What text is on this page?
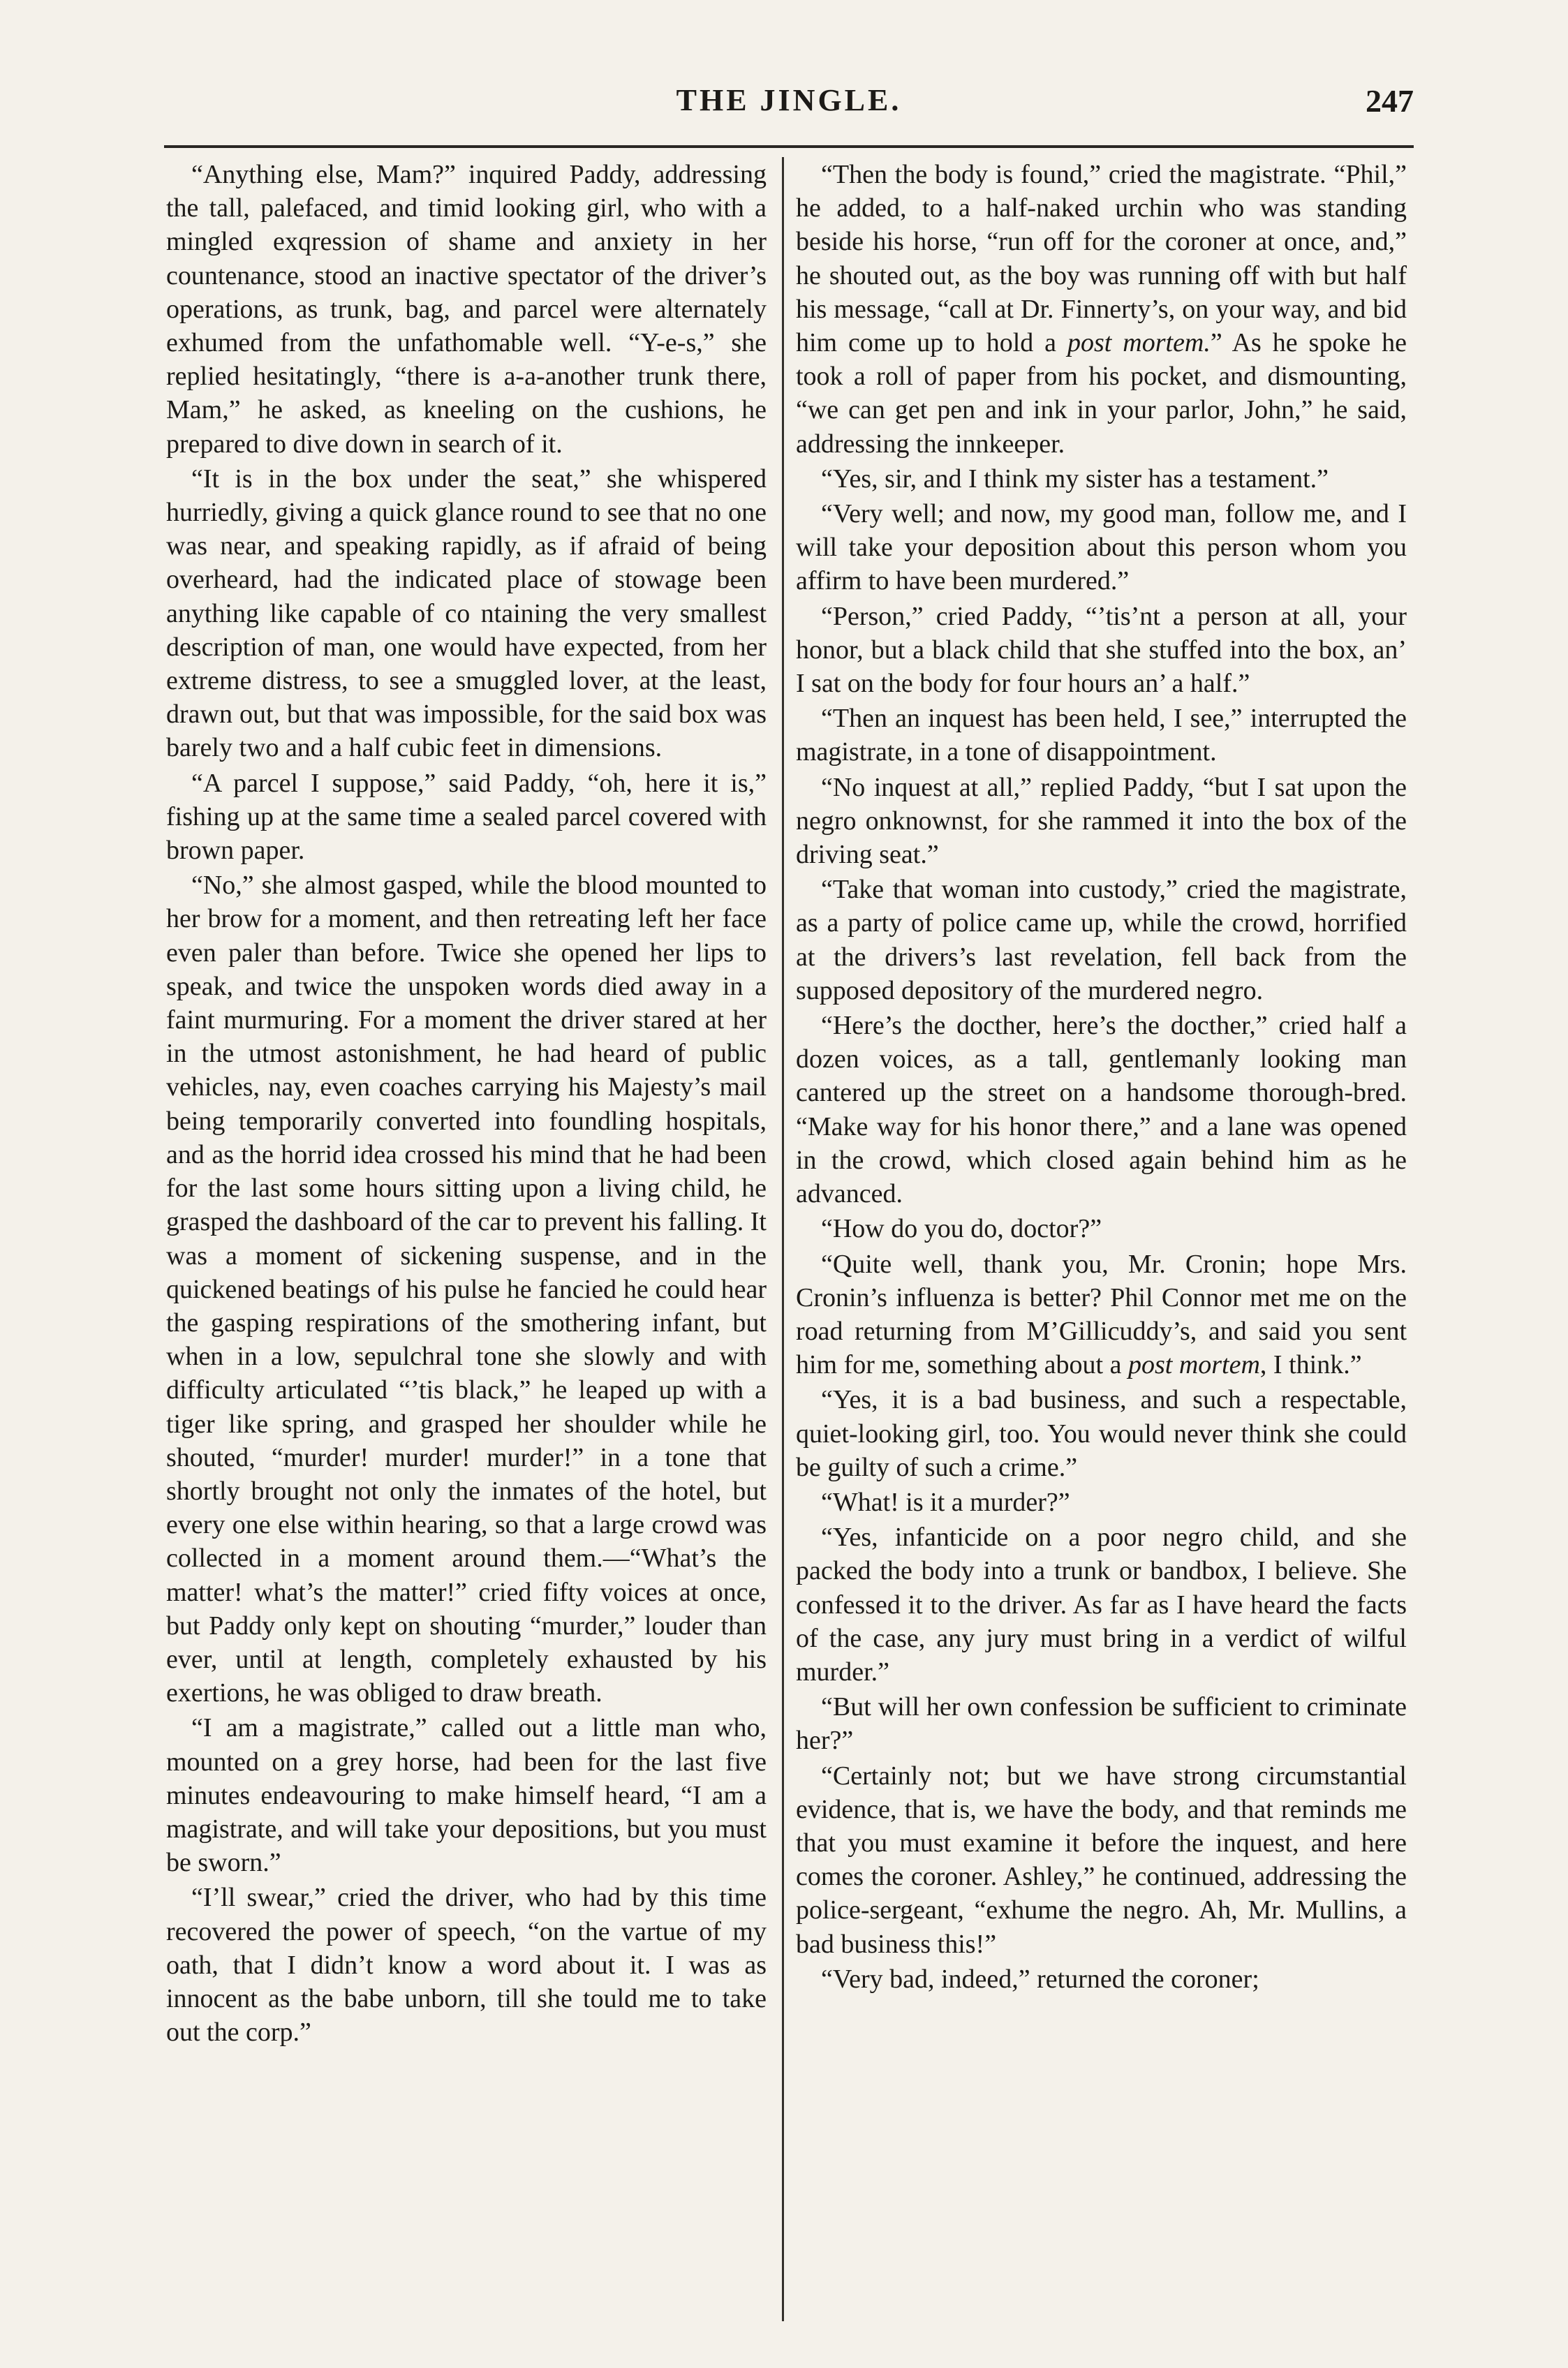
THE JINGLE.	247

“Anything else, Mam?” inquired Paddy, addressing the tall, palefaced, and timid looking girl, who with a mingled exqression of shame and anxiety in her countenance, stood an inactive spectator of the driver’s operations, as trunk, bag, and parcel were alternately exhumed from the unfathomable well. “Y-e-s,” she replied hesitatingly, “there is a-a-another trunk there, Mam,” he asked, as kneeling on the cushions, he prepared to dive down in search of it.

“It is in the box under the seat,” she whispered hurriedly, giving a quick glance round to see that no one was near, and speaking rapidly, as if afraid of being overheard, had the indicated place of stowage been anything like capable of co ntaining the very smallest description of man, one would have expected, from her extreme distress, to see a smuggled lover, at the least, drawn out, but that was impossible, for the said box was barely two and a half cubic feet in dimensions.

“A parcel I suppose,” said Paddy, “oh, here it is,” fishing up at the same time a sealed parcel covered with brown paper.

“No,” she almost gasped, while the blood mounted to her brow for a moment, and then retreating left her face even paler than before. Twice she opened her lips to speak, and twice the unspoken words died away in a faint murmuring. For a moment the driver stared at her in the utmost astonishment, he had heard of public vehicles, nay, even coaches carrying his Majesty’s mail being temporarily converted into foundling hospitals, and as the horrid idea crossed his mind that he had been for the last some hours sitting upon a living child, he grasped the dashboard of the car to prevent his falling. It was a moment of sickening suspense, and in the quickened beatings of his pulse he fancied he could hear the gasping respirations of the smothering infant, but when in a low, sepulchral tone she slowly and with difficulty articulated “’tis black,” he leaped up with a tiger like spring, and grasped her shoulder while he shouted, “murder! murder! murder!” in a tone that shortly brought not only the inmates of the hotel, but every one else within hearing, so that a large crowd was collected in a moment around them.—“What’s the matter! what’s the matter!” cried fifty voices at once, but Paddy only kept on shouting “murder,” louder than ever, until at length, completely exhausted by his exertions, he was obliged to draw breath.

“I am a magistrate,” called out a little man who, mounted on a grey horse, had been for the last five minutes endeavouring to make himself heard, “I am a magistrate, and will take your depositions, but you must be sworn.”

“I’ll swear,” cried the driver, who had by this time recovered the power of speech, “on the vartue of my oath, that I didn’t know a word about it. I was as innocent as the babe unborn, till she tould me to take out the corp.”

“Then the body is found,” cried the magistrate. “Phil,” he added, to a half-naked urchin who was standing beside his horse, “run off for the coroner at once, and,” he shouted out, as the boy was running off with but half his message, “call at Dr. Finnerty’s, on your way, and bid him come up to hold a post mortem.” As he spoke he took a roll of paper from his pocket, and dismounting, “we can get pen and ink in your parlor, John,” he said, addressing the innkeeper.

“Yes, sir, and I think my sister has a testament.”

“Very well; and now, my good man, follow me, and I will take your deposition about this person whom you affirm to have been murdered.”

“Person,” cried Paddy, “’tis’nt a person at all, your honor, but a black child that she stuffed into the box, an’ I sat on the body for four hours an’ a half.”

“Then an inquest has been held, I see,” interrupted the magistrate, in a tone of disappointment.

“No inquest at all,” replied Paddy, “but I sat upon the negro onknownst, for she rammed it into the box of the driving seat.”

“Take that woman into custody,” cried the magistrate, as a party of police came up, while the crowd, horrified at the drivers’s last revelation, fell back from the supposed depository of the murdered negro.

“Here’s the docther, here’s the docther,” cried half a dozen voices, as a tall, gentlemanly looking man cantered up the street on a handsome thorough-bred. “Make way for his honor there,” and a lane was opened in the crowd, which closed again behind him as he advanced.

“How do you do, doctor?”

“Quite well, thank you, Mr. Cronin; hope Mrs. Cronin’s influenza is better? Phil Connor met me on the road returning from M’Gillicuddy’s, and said you sent him for me, something about a post mortem, I think.”

“Yes, it is a bad business, and such a respectable, quiet-looking girl, too. You would never think she could be guilty of such a crime.”

“What! is it a murder?”

“Yes, infanticide on a poor negro child, and she packed the body into a trunk or bandbox, I believe. She confessed it to the driver. As far as I have heard the facts of the case, any jury must bring in a verdict of wilful murder.”

“But will her own confession be sufficient to criminate her?”

“Certainly not; but we have strong circumstantial evidence, that is, we have the body, and that reminds me that you must examine it before the inquest, and here comes the coroner. Ashley,” he continued, addressing the police-sergeant, “exhume the negro. Ah, Mr. Mullins, a bad business this!”

“Very bad, indeed,” returned the coroner;
